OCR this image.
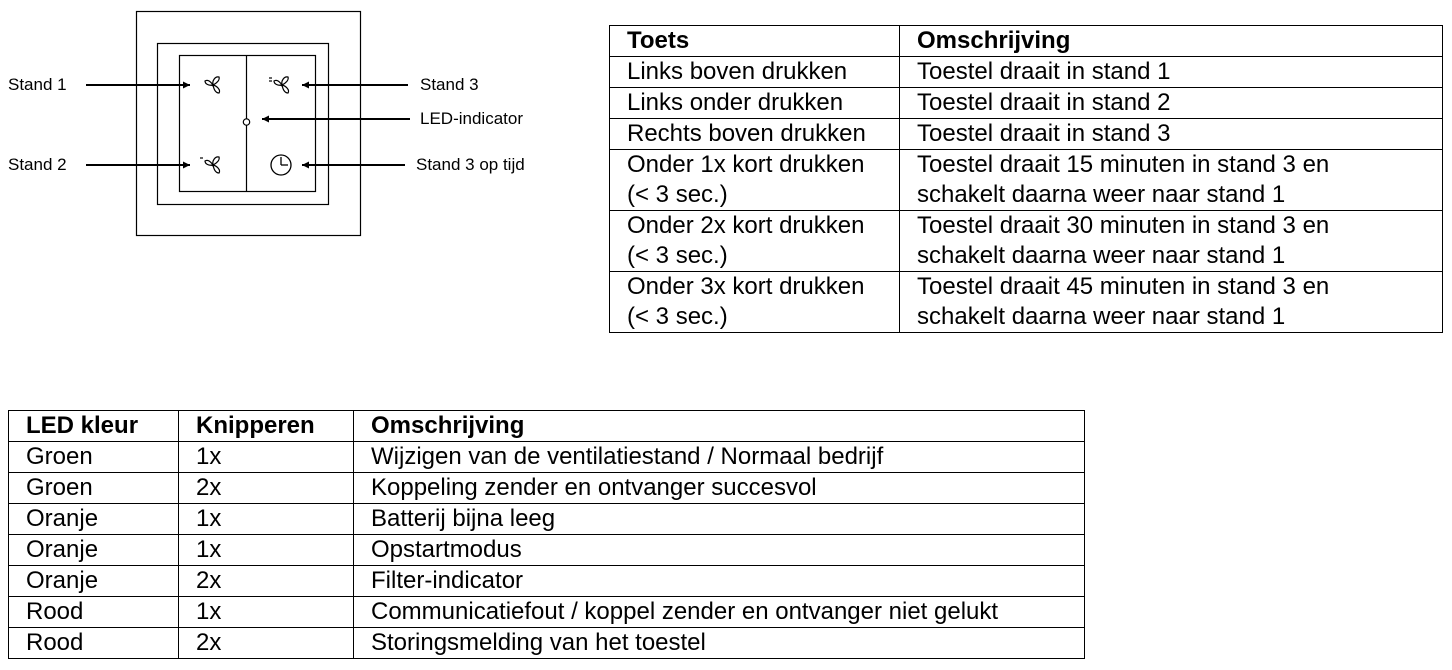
Stand 1
Stand 2
Stand 3
LED-indicator
Stand 3 op tijd
Toets	Omschrijving

Links boven drukken	Toestel draait in stand 1

Links onder drukken	Toestel draait in stand 2

Rechts boven drukken	Toestel draait in stand 3

Onder 1x kort drukken
(< 3 sec.)	Toestel draait 15 minuten in stand 3 en
schakelt daarna weer naar stand 1

Onder 2x kort drukken
(< 3 sec.)	Toestel draait 30 minuten in stand 3 en
schakelt daarna weer naar stand 1

Onder 3x kort drukken
(< 3 sec.)	Toestel draait 45 minuten in stand 3 en
schakelt daarna weer naar stand 1
LED kleur	Knipperen	Omschrijving
Groen	1x	Wijzigen van de ventilatiestand / Normaal bedrijf
Groen	2x	Koppeling zender en ontvanger succesvol
Oranje	1x	Batterij bijna leeg
Oranje	1x	Opstartmodus
Oranje	2x	Filter-indicator
Rood	1x	Communicatiefout / koppel zender en ontvanger niet gelukt
Rood	2x	Storingsmelding van het toestel
